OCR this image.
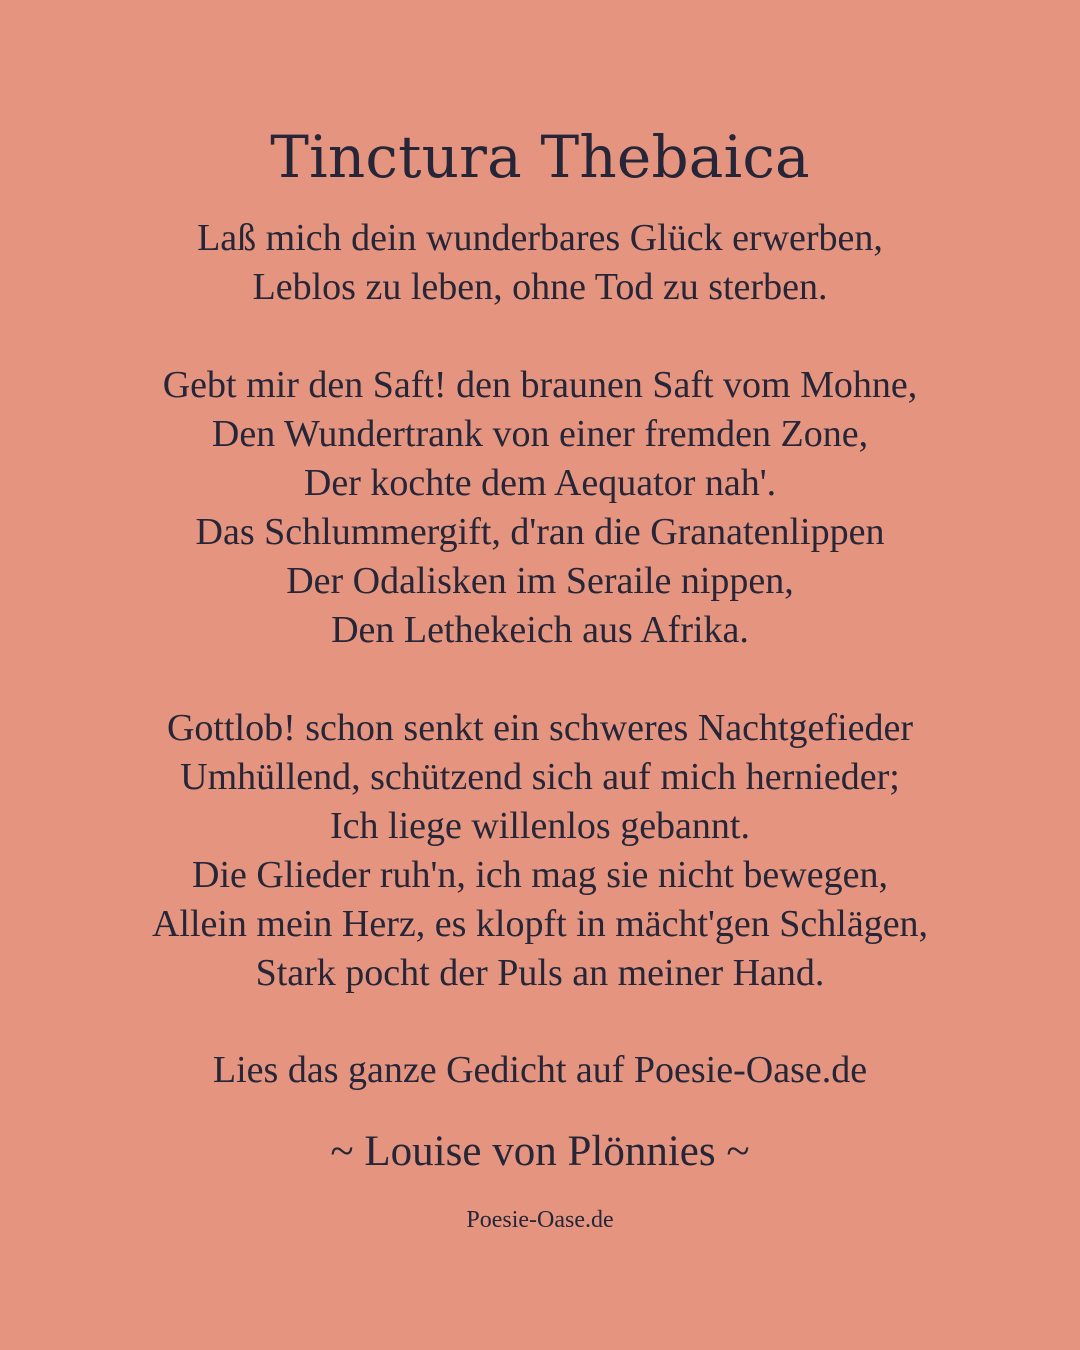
Tinctura Thebaica
Laß mich dein wunderbares Glück erwerben,
Leblos zu leben, ohne Tod zu sterben.
Gebt mir den Saft! den braunen Saft vom Mohne,
Den Wundertrank von einer fremden Zone,
Der kochte dem Aequator nah'.
Das Schlummergift, d'ran die Granatenlippen
Der Odalisken im Seraile nippen,
Den Lethekeich aus Afrika.
Gottlob! schon senkt ein schweres Nachtgefieder
Umhüllend, schützend sich auf mich hernieder;
Ich liege willenlos gebannt.
Die Glieder ruh'n, ich mag sie nicht bewegen,
Allein mein Herz, es klopft in mächt'gen Schlägen,
Stark pocht der Puls an meiner Hand.
Lies das ganze Gedicht auf Poesie-Oase.de
~ Louise von Plönnies ~
Poesie-Oase.de
